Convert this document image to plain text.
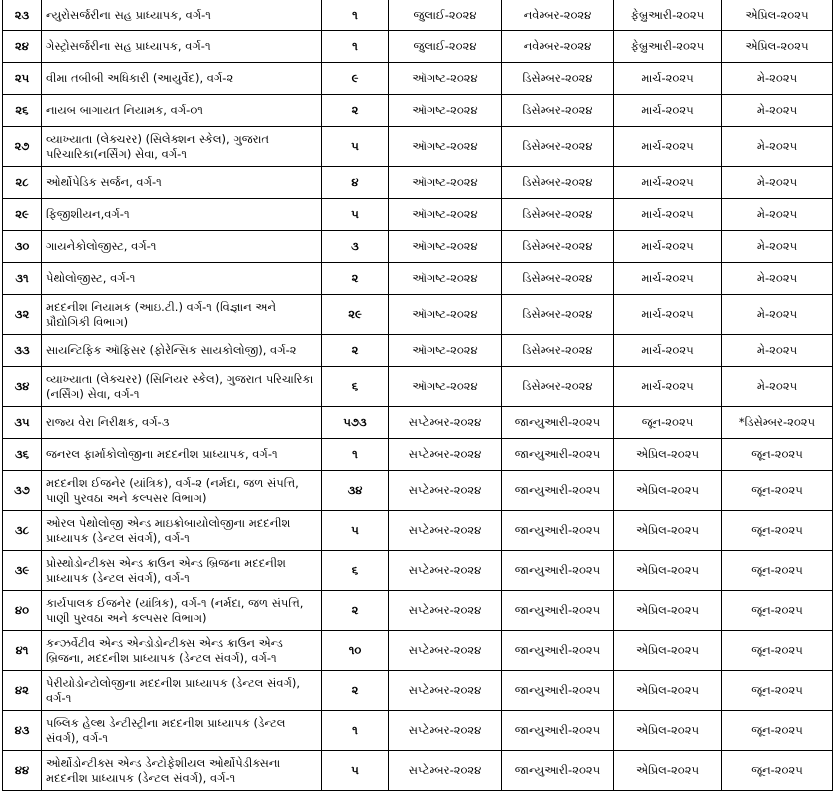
૨૩	ન્યુરોસર્જરીના સહ પ્રાધ્યાપક, વર્ગ-૧	૧	જુલાઈ-૨૦૨૪	નવેમ્બર-૨૦૨૪	ફેબ્રુઆરી-૨૦૨૫	એપ્રિલ-૨૦૨૫
૨૪	ગેસ્ટ્રોસર્જરીના સહ પ્રાધ્યાપક, વર્ગ-૧	૧	જુલાઈ-૨૦૨૪	નવેમ્બર-૨૦૨૪	ફેબ્રુઆરી-૨૦૨૫	એપ્રિલ-૨૦૨૫
૨૫	વીમા તબીબી અધિકારી (આયુર્વેદ), વર્ગ-૨	૯	ઑગષ્ટ-૨૦૨૪	ડિસેમ્બર-૨૦૨૪	માર્ચ-૨૦૨૫	મે-૨૦૨૫
૨૬	નાયબ બાગાયત નિયામક, વર્ગ-૦૧	૨	ઑગષ્ટ-૨૦૨૪	ડિસેમ્બર-૨૦૨૪	માર્ચ-૨૦૨૫	મે-૨૦૨૫
૨૭	વ્યાખ્યાતા (લેક્ચરર) (સિલેક્શન સ્કેલ), ગુજરાત પરિચારિકા(નર્સિંગ) સેવા, વર્ગ-૧	૫	ઑગષ્ટ-૨૦૨૪	ડિસેમ્બર-૨૦૨૪	માર્ચ-૨૦૨૫	મે-૨૦૨૫
૨૮	ઓર્થોપેડિક સર્જન, વર્ગ-૧	૪	ઑગષ્ટ-૨૦૨૪	ડિસેમ્બર-૨૦૨૪	માર્ચ-૨૦૨૫	મે-૨૦૨૫
૨૯	ફિજીશીયન,વર્ગ-૧	૫	ઑગષ્ટ-૨૦૨૪	ડિસેમ્બર-૨૦૨૪	માર્ચ-૨૦૨૫	મે-૨૦૨૫
૩૦	ગાયનેકોલોજીસ્ટ, વર્ગ-૧	૩	ઑગષ્ટ-૨૦૨૪	ડિસેમ્બર-૨૦૨૪	માર્ચ-૨૦૨૫	મે-૨૦૨૫
૩૧	પેથોલોજીસ્ટ, વર્ગ-૧	૨	ઑગષ્ટ-૨૦૨૪	ડિસેમ્બર-૨૦૨૪	માર્ચ-૨૦૨૫	મે-૨૦૨૫
૩૨	મદદનીશ નિયામક (આઇ.ટી.) વર્ગ-૧ (વિજ્ઞાન અને પ્રૌદ્યોગિકી વિભાગ)	૨૯	ઑગષ્ટ-૨૦૨૪	ડિસેમ્બર-૨૦૨૪	માર્ચ-૨૦૨૫	મે-૨૦૨૫
૩૩	સાયન્ટિફિક ઑફિસર (ફોરેન્સિક સાયકોલોજી), વર્ગ-૨	૨	ઑગષ્ટ-૨૦૨૪	ડિસેમ્બર-૨૦૨૪	માર્ચ-૨૦૨૫	મે-૨૦૨૫
૩૪	વ્યાખ્યાતા (લેક્ચરર) (સિનિયર સ્કેલ), ગુજરાત પરિચારિકા (નર્સિંગ) સેવા, વર્ગ-૧	૬	ઑગષ્ટ-૨૦૨૪	ડિસેમ્બર-૨૦૨૪	માર્ચ-૨૦૨૫	મે-૨૦૨૫
૩૫	રાજ્ય વેરા નિરીક્ષક, વર્ગ-૩	૫૭૩	સપ્ટેમ્બર-૨૦૨૪	જાન્યુઆરી-૨૦૨૫	જૂન-૨૦૨૫	*ડિસેમ્બર-૨૦૨૫
૩૬	જનરલ ફાર્માકોલોજીના મદદનીશ પ્રાધ્યાપક, વર્ગ-૧	૧	સપ્ટેમ્બર-૨૦૨૪	જાન્યુઆરી-૨૦૨૫	એપ્રિલ-૨૦૨૫	જૂન-૨૦૨૫
૩૭	મદદનીશ ઈજનેર (યાંત્રિક), વર્ગ-૨ (નર્મદા, જળ સંપત્તિ, પાણી પુરવઠા અને કલ્પસર વિભાગ)	૩૪	સપ્ટેમ્બર-૨૦૨૪	જાન્યુઆરી-૨૦૨૫	એપ્રિલ-૨૦૨૫	જૂન-૨૦૨૫
૩૮	ઓરલ પેથોલોજી એન્ડ માઇક્રોબાયોલોજીના મદદનીશ પ્રાધ્યાપક (ડેન્ટલ સંવર્ગ), વર્ગ-૧	૫	સપ્ટેમ્બર-૨૦૨૪	જાન્યુઆરી-૨૦૨૫	એપ્રિલ-૨૦૨૫	જૂન-૨૦૨૫
૩૯	પ્રોસ્થોડોન્ટીક્સ એન્ડ ક્રાઉન એન્ડ બ્રિજના મદદનીશ પ્રાધ્યાપક (ડેન્ટલ સંવર્ગ), વર્ગ-૧	૬	સપ્ટેમ્બર-૨૦૨૪	જાન્યુઆરી-૨૦૨૫	એપ્રિલ-૨૦૨૫	જૂન-૨૦૨૫
૪૦	કાર્યપાલક ઈજનેર (યાંત્રિક), વર્ગ-૧ (નર્મદા, જળ સંપત્તિ, પાણી પુરવઠા અને કલ્પસર વિભાગ)	૨	સપ્ટેમ્બર-૨૦૨૪	જાન્યુઆરી-૨૦૨૫	એપ્રિલ-૨૦૨૫	જૂન-૨૦૨૫
૪૧	કન્ઝર્વેટીવ એન્ડ એન્ડોડોન્ટીક્સ એન્ડ ક્રાઉન એન્ડ બ્રિજના, મદદનીશ પ્રાધ્યાપક (ડેન્ટલ સંવર્ગ), વર્ગ-૧	૧૦	સપ્ટેમ્બર-૨૦૨૪	જાન્યુઆરી-૨૦૨૫	એપ્રિલ-૨૦૨૫	જૂન-૨૦૨૫
૪૨	પેરીયોડોન્ટોલોજીના મદદનીશ પ્રાધ્યાપક (ડેન્ટલ સંવર્ગ), વર્ગ-૧	૨	સપ્ટેમ્બર-૨૦૨૪	જાન્યુઆરી-૨૦૨૫	એપ્રિલ-૨૦૨૫	જૂન-૨૦૨૫
૪૩	પબ્લિક હેલ્થ ડેન્ટીસ્ટ્રીના મદદનીશ પ્રાધ્યાપક (ડેન્ટલ સંવર્ગ), વર્ગ-૧	૧	સપ્ટેમ્બર-૨૦૨૪	જાન્યુઆરી-૨૦૨૫	એપ્રિલ-૨૦૨૫	જૂન-૨૦૨૫
૪૪	ઓર્થોડોન્ટીક્સ એન્ડ ડેન્ટોફેશીયલ ઓર્થોપેડીક્સના મદદનીશ પ્રાધ્યાપક (ડેન્ટલ સંવર્ગ), વર્ગ-૧	૫	સપ્ટેમ્બર-૨૦૨૪	જાન્યુઆરી-૨૦૨૫	એપ્રિલ-૨૦૨૫	જૂન-૨૦૨૫
